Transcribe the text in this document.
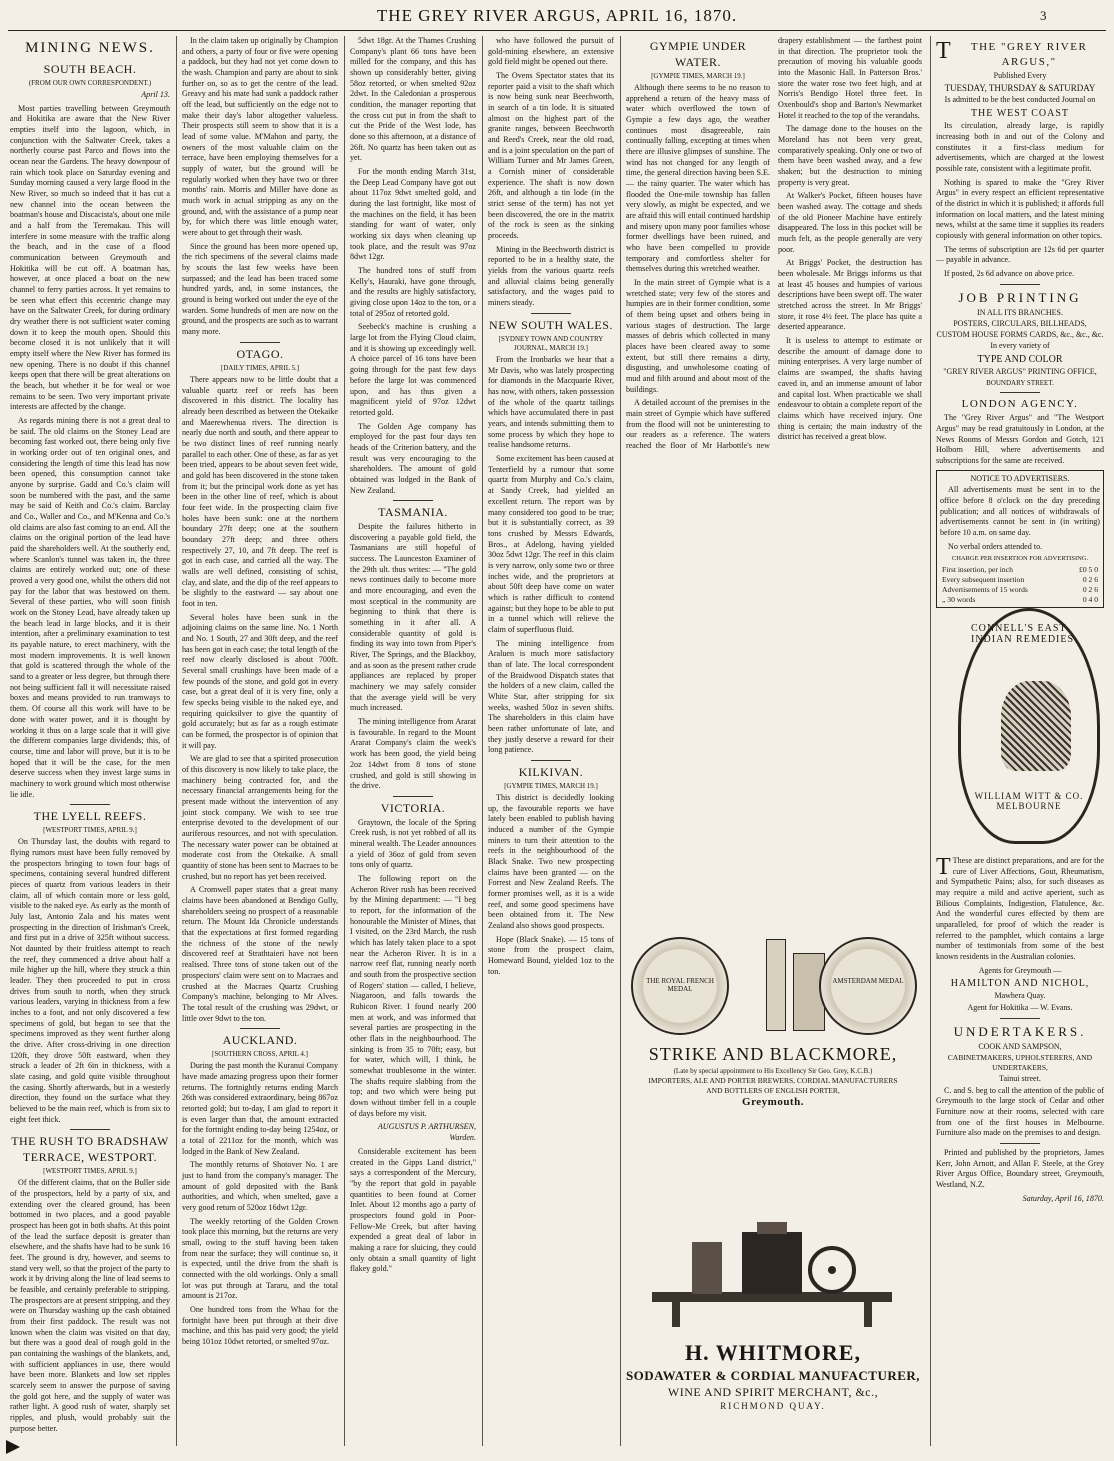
THE GREY RIVER ARGUS, APRIL 16, 1870.	3
MINING NEWS.
SOUTH BEACH.
(FROM OUR OWN CORRESPONDENT.)

April 13.

Most parties travelling between Greymouth and Hokitika are aware that the New River empties itself into the lagoon, which, in conjunction with the Saltwater Creek, takes a northerly course past Parco and flows into the ocean near the Gardens. The heavy downpour of rain which took place on Saturday evening and Sunday morning caused a very large flood in the New River, so much so indeed that it has cut a new channel into the ocean between the boatman's house and Discacista's, about one mile and a half from the Teremakau. This will interfere in some measure with the traffic along the beach, and in the case of a flood communication between Greymouth and Hokitika will be cut off. A boatman has, however, at once placed a boat on the new channel to ferry parties across. It yet remains to be seen what effect this eccentric change may have on the Saltwater Creek, for during ordinary dry weather there is not sufficient water coming down it to keep the mouth open. Should this become closed it is not unlikely that it will empty itself where the New River has formed its new opening. There is no doubt if this channel keeps open that there will be great alterations on the beach, but whether it be for weal or woe remains to be seen. Two very important private interests are affected by the change.

As regards mining there is not a great deal to be said. The old claims on the Stoney Lead are becoming fast worked out, there being only five in working order out of ten original ones, and considering the length of time this lead has now been opened, this consumption cannot take anyone by surprise. Gadd and Co.'s claim will soon be numbered with the past, and the same may be said of Keith and Co.'s claim. Barclay and Co., Waller and Co., and M'Kenna and Co.'s old claims are also fast coming to an end. All the claims on the original portion of the lead have paid the shareholders well. At the southerly end, where Scanlon's tunnel was taken in, the three claims are entirely worked out; one of these proved a very good one, whilst the others did not pay for the labor that was bestowed on them. Several of these parties, who will soon finish work on the Stoney Lead, have already taken up the beach lead in large blocks, and it is their intention, after a preliminary examination to test its payable nature, to erect machinery, with the most modern improvements. It is well known that gold is scattered through the whole of the sand to a greater or less degree, but through there not being sufficient fall it will necessitate raised boxes and means provided to run tramways to them. Of course all this work will have to be done with water power, and it is thought by working it thus on a large scale that it will give the different companies large dividends; this, of course, time and labor will prove, but it is to be hoped that it will be the case, for the men deserve success when they invest large sums in machinery to work ground which most otherwise lie idle.

THE LYELL REEFS.
[WESTPORT TIMES, APRIL 9.]

On Thursday last, the doubts with regard to flying rumors must have been fully removed by the prospectors bringing to town four bags of specimens, containing several hundred different pieces of quartz from various leaders in their claim, all of which contain more or less gold, visible to the naked eye. As early as the month of July last, Antonio Zala and his mates went prospecting in the direction of Irishman's Creek, and first put in a drive of 325ft without success. Not daunted by their fruitless attempt to reach the reef, they commenced a drive about half a mile higher up the hill, where they struck a thin leader. They then proceeded to put in cross drives from south to north, when they struck various leaders, varying in thickness from a few inches to a foot, and not only discovered a few specimens of gold, but began to see that the specimens improved as they went further along the drive. After cross-driving in one direction 120ft, they drove 50ft eastward, when they struck a leader of 2ft 6in in thickness, with a slate casing, and gold quite visible throughout the casing. Shortly afterwards, but in a westerly direction, they found on the surface what they believed to be the main reef, which is from six to eight feet thick.

THE RUSH TO BRADSHAW TERRACE, WESTPORT.
[WESTPORT TIMES, APRIL 9.]

Of the different claims, that on the Buller side of the prospectors, held by a party of six, and extending over the cleared ground, has been bottomed in two places, and a good payable prospect has been got in both shafts. At this point of the lead the surface deposit is greater than elsewhere, and the shafts have had to be sunk 16 feet. The ground is dry, however, and seems to stand very well, so that the project of the party to work it by driving along the line of lead seems to be feasible, and certainly preferable to stripping. The prospectors are at present stripping, and they were on Thursday washing up the cash obtained from their first paddock. The result was not known when the claim was visited on that day, but there was a good deal of rough gold in the pan containing the washings of the blankets, and, with sufficient appliances in use, there would have been more. Blankets and low set ripples scarcely seem to answer the purpose of saving the gold got here, and the supply of water was rather light. A good rush of water, sharply set ripples, and plush, would probably suit the purpose better.

In the claim taken up originally by Champion and others, a party of four or five were opening a paddock, but they had not yet come down to the wash. Champion and party are about to sink further on, so as to get the centre of the lead. Greavy and his mate had sunk a paddock rather off the lead, but sufficiently on the edge not to make their day's labor altogether valueless. Their prospects still seem to show that it is a lead of some value. M'Mahon and party, the owners of the most valuable claim on the terrace, have been employing themselves for a supply of water, but the ground will be regularly worked when they have two or three months' rain. Morris and Miller have done as much work in actual stripping as any on the ground, and, with the assistance of a pump near by, for which there was little enough water, were about to get through their wash.

Since the ground has been more opened up, the rich specimens of the several claims made by scouts the last few weeks have been surpassed; and the lead has been traced some hundred yards, and, in some instances, the ground is being worked out under the eye of the warden. Some hundreds of men are now on the ground, and the prospects are such as to warrant many more.

OTAGO.
[DAILY TIMES, APRIL 5.]

There appears now to be little doubt that a valuable quartz reef or reefs has been discovered in this district. The locality has already been described as between the Otekaike and Maerewhenua rivers. The direction is nearly due north and south, and there appear to be two distinct lines of reef running nearly parallel to each other. One of these, as far as yet been tried, appears to be about seven feet wide, and gold has been discovered in the stone taken from it; but the principal work done as yet has been in the other line of reef, which is about four feet wide. In the prospecting claim five holes have been sunk: one at the northern boundary 27ft deep; one at the southern boundary 27ft deep; and three others respectively 27, 10, and 7ft deep. The reef is got in each case, and carried all the way. The walls are well defined, consisting of schist, clay, and slate, and the dip of the reef appears to be slightly to the eastward — say about one foot in ten.

Several holes have been sunk in the adjoining claims on the same line. No. 1 North and No. 1 South, 27 and 30ft deep, and the reef has been got in each case; the total length of the reef now clearly disclosed is about 700ft. Several small crushings have been made of a few pounds of the stone, and gold got in every case, but a great deal of it is very fine, only a few specks being visible to the naked eye, and requiring quicksilver to give the quantity of gold accurately; but as far as a rough estimate can be formed, the prospector is of opinion that it will pay.

We are glad to see that a spirited prosecution of this discovery is now likely to take place, the machinery being contracted for, and the necessary financial arrangements being for the present made without the intervention of any joint stock company. We wish to see true enterprise devoted to the development of our auriferous resources, and not with speculation. The necessary water power can be obtained at moderate cost from the Otekaike. A small quantity of stone has been sent to Macraes to be crushed, but no report has yet been received.

A Cromwell paper states that a great many claims have been abandoned at Bendigo Gully, shareholders seeing no prospect of a reasonable return. The Mount Ida Chronicle understands that the expectations at first formed regarding the richness of the stone of the newly discovered reef at Strathtaieri have not been realised. Three tons of stone taken out of the prospectors' claim were sent on to Macraes and crushed at the Macraes Quartz Crushing Company's machine, belonging to Mr Alves. The total result of the crushing was 29dwt, or little over 9dwt to the ton.

AUCKLAND.
[SOUTHERN CROSS, APRIL 4.]

During the past month the Kuranui Company have made amazing progress upon their former returns. The fortnightly returns ending March 26th was considered extraordinary, being 867oz retorted gold; but to-day, I am glad to report it is even larger than that, the amount extracted for the fortnight ending to-day being 1254oz, or a total of 2211oz for the month, which was lodged in the Bank of New Zealand.

The monthly returns of Shotover No. 1 are just to hand from the company's manager. The amount of gold deposited with the Bank authorities, and which, when smelted, gave a very good return of 520oz 16dwt 12gr.

The weekly retorting of the Golden Crown took place this morning, but the returns are very small, owing to the stuff having been taken from near the surface; they will continue so, it is expected, until the drive from the shaft is connected with the old workings. Only a small lot was put through at Tararu, and the total amount is 217oz.

One hundred tons from the Whau for the fortnight have been put through at their dive machine, and this has paid very good; the yield being 101oz 10dwt retorted, or smelted 97oz.

5dwt 18gr. At the Thames Crushing Company's plant 66 tons have been milled for the company, and this has shown up considerably better, giving 58oz retorted, or when smelted 92oz 2dwt. In the Caledonian a prosperous condition, the manager reporting that the cross cut put in from the shaft to cut the Pride of the West lode, has done so this afternoon, at a distance of 26ft. No quartz has been taken out as yet.

For the month ending March 31st, the Deep Lead Company have got out about 117oz 9dwt smelted gold, and during the last fortnight, like most of the machines on the field, it has been standing for want of water, only working six days when cleaning up took place, and the result was 97oz 8dwt 12gr.

The hundred tons of stuff from Kelly's, Hauraki, have gone through, and the results are highly satisfactory, giving close upon 14oz to the ton, or a total of 295oz of retorted gold.

Seebeck's machine is crushing a large lot from the Flying Cloud claim, and it is showing up exceedingly well. A choice parcel of 16 tons have been going through for the past few days before the large lot was commenced upon, and has thus given a magnificent yield of 97oz 12dwt retorted gold.

The Golden Age company has employed for the past four days ten heads of the Criterion battery, and the result was very encouraging to the shareholders. The amount of gold obtained was lodged in the Bank of New Zealand.

TASMANIA.

Despite the failures hitherto in discovering a payable gold field, the Tasmanians are still hopeful of success. The Launceston Examiner of the 29th ult. thus writes: — "The gold news continues daily to become more and more encouraging, and even the most sceptical in the community are beginning to think that there is something in it after all. A considerable quantity of gold is finding its way into town from Piper's River, The Springs, and the Blackboy, and as soon as the present rather crude appliances are replaced by proper machinery we may safely consider that the average yield will be very much increased.

The mining intelligence from Ararat is favourable. In regard to the Mount Ararat Company's claim the week's work has been good, the yield being 2oz 14dwt from 8 tons of stone crushed, and gold is still showing in the drive.

VICTORIA.

Graytown, the locale of the Spring Creek rush, is not yet robbed of all its mineral wealth. The Leader announces a yield of 36oz of gold from seven tons only of quartz.

The following report on the Acheron River rush has been received by the Mining department: — "I beg to report, for the information of the honourable the Minister of Mines, that I visited, on the 23rd March, the rush which has lately taken place to a spot near the Acheron River. It is in a narrow reef flat, running nearly north and south from the prospective section of Rogers' station — called, I believe, Niagaroon, and falls towards the Rubicon River. I found nearly 200 men at work, and was informed that several parties are prospecting in the other flats in the neighbourhood. The sinking is from 35 to 70ft; easy, but for water, which will, I think, be somewhat troublesome in the winter. The shafts require slabbing from the top; and two which were being put down without timber fell in a couple of days before my visit.

AUGUSTUS P. ARTHURSEN, Warden.

Considerable excitement has been created in the Gipps Land district," says a correspondent of the Mercury, "by the report that gold in payable quantities to been found at Corner Inlet. About 12 months ago a party of prospectors found gold in Poor-Fellow-Me Creek, but after having expended a great deal of labor in making a race for sluicing, they could only obtain a small quantity of light flakey gold."

who have followed the pursuit of gold-mining elsewhere, an extensive gold field might be opened out there.

The Ovens Spectator states that its reporter paid a visit to the shaft which is now being sunk near Beechworth, in search of a tin lode. It is situated almost on the highest part of the granite ranges, between Beechworth and Reed's Creek, near the old road, and is a joint speculation on the part of William Turner and Mr James Green, a Cornish miner of considerable experience. The shaft is now down 26ft, and although a tin lode (in the strict sense of the term) has not yet been discovered, the ore in the matrix of the rock is seen as the sinking proceeds.

Mining in the Beechworth district is reported to be in a healthy state, the yields from the various quartz reefs and alluvial claims being generally satisfactory, and the wages paid to miners steady.

NEW SOUTH WALES.
[SYDNEY TOWN AND COUNTRY JOURNAL, MARCH 19.]

From the Ironbarks we hear that a Mr Davis, who was lately prospecting for diamonds in the Macquarie River, has now, with others, taken possession of the whole of the quartz tailings which have accumulated there in past years, and intends submitting them to some process by which they hope to realise handsome returns.

Some excitement has been caused at Tenterfield by a rumour that some quartz from Murphy and Co.'s claim, at Sandy Creek, had yielded an excellent return. The report was by many considered too good to be true; but it is substantially correct, as 39 tons crushed by Messrs Edwards, Bros., at Adelong, having yielded 30oz 5dwt 12gr. The reef in this claim is very narrow, only some two or three inches wide, and the proprietors at about 50ft deep have come on water which is rather difficult to contend against; but they hope to be able to put in a tunnel which will relieve the claim of superfluous fluid.

The mining intelligence from Araluen is much more satisfactory than of late. The local correspondent of the Braidwood Dispatch states that the holders of a new claim, called the White Star, after stripping for six weeks, washed 50oz in seven shifts. The shareholders in this claim have been rather unfortunate of late, and they justly deserve a reward for their long patience.

KILKIVAN.
[GYMPIE TIMES, MARCH 19.]

This district is decidedly looking up, the favourable reports we have lately been enabled to publish having induced a number of the Gympie miners to turn their attention to the reefs in the neighbourhood of the Black Snake. Two new prospecting claims have been granted — on the Forrest and New Zealand Reefs. The former promises well, as it is a wide reef, and some good specimens have been obtained from it. The New Zealand also shows good prospects.

Hope (Black Snake). — 15 tons of stone from the prospect claim, Homeward Bound, yielded 1oz to the ton.

GYMPIE UNDER WATER.
[GYMPIE TIMES, MARCH 19.]

Although there seems to be no reason to apprehend a return of the heavy mass of water which overflowed the town of Gympie a few days ago, the weather continues most disagreeable, rain continually falling, excepting at times when there are illusive glimpses of sunshine. The wind has not changed for any length of time, the general direction having been S.E. — the rainy quarter. The water which has flooded the One-mile township has fallen very slowly, as might be expected, and we are afraid this will entail continued hardship and misery upon many poor families whose former dwellings have been ruined, and who have been compelled to provide temporary and comfortless shelter for themselves during this wretched weather.

In the main street of Gympie what is a wretched state; very few of the stores and humpies are in their former condition, some of them being upset and others being in various stages of destruction. The large masses of debris which collected in many places have been cleared away to some extent, but still there remains a dirty, disgusting, and unwholesome coating of mud and filth around and about most of the buildings.

A detailed account of the premises in the main street of Gympie which have suffered from the flood will not be uninteresting to our readers as a reference. The waters reached the floor of Mr Harbottle's new drapery establishment — the farthest point in that direction. The proprietor took the precaution of moving his valuable goods into the Masonic Hall. In Patterson Bros.' store the water rose two feet high, and at Norris's Bendigo Hotel three feet. In Oxenbould's shop and Barton's Newmarket Hotel it reached to the top of the verandahs.

The damage done to the houses on the Moreland has not been very great, comparatively speaking. Only one or two of them have been washed away, and a few shaken; but the destruction to mining property is very great.

At Walker's Pocket, fifteen houses have been washed away. The cottage and sheds of the old Pioneer Machine have entirely disappeared. The loss in this pocket will be much felt, as the people generally are very poor.

At Briggs' Pocket, the destruction has been wholesale. Mr Briggs informs us that at least 45 houses and humpies of various descriptions have been swept off. The water stretched across the street. In Mr Briggs' store, it rose 4½ feet. The place has quite a deserted appearance.

It is useless to attempt to estimate or describe the amount of damage done to mining enterprises. A very large number of claims are swamped, the shafts having caved in, and an immense amount of labor and capital lost. When practicable we shall endeavour to obtain a complete report of the claims which have received injury. One thing is certain; the main industry of the district has received a great blow.

THE ROYAL FRENCH MEDAL
AMSTERDAM MEDAL
STRIKE AND BLACKMORE,
(Late by special appointment to His Excellency Sir Geo. Grey, K.C.B.)
IMPORTERS, ALE AND PORTER BREWERS, CORDIAL MANUFACTURERS
AND BOTTLERS OF ENGLISH PORTER,
Greymouth.
H. WHITMORE,
SODAWATER & CORDIAL MANUFACTURER,
WINE AND SPIRIT MERCHANT, &c.,
RICHMOND QUAY.
T THE "GREY RIVER ARGUS,"
Published Every
TUESDAY, THURSDAY & SATURDAY
Is admitted to be the best conducted Journal on
THE WEST COAST

Its circulation, already large, is rapidly increasing both in and out of the Colony and constitutes it a first-class medium for advertisements, which are charged at the lowest possible rate, consistent with a legitimate profit.

Nothing is spared to make the "Grey River Argus" in every respect an efficient representative of the district in which it is published; it affords full information on local matters, and the latest mining news, whilst at the same time it supplies its readers copiously with general information on other topics.

The terms of subscription are 12s 6d per quarter — payable in advance.

If posted, 2s 6d advance on above price.

JOB PRINTING
IN ALL ITS BRANCHES.
POSTERS, CIRCULARS, BILLHEADS, CUSTOM HOUSE FORMS CARDS, &c., &c., &c.
In every variety of
TYPE AND COLOR
"GREY RIVER ARGUS" PRINTING OFFICE,
BOUNDARY STREET.
LONDON AGENCY.

The "Grey River Argus" and "The Westport Argus" may be read gratuitously in London, at the News Rooms of Messrs Gordon and Gotch, 121 Holborn Hill, where advertisements and subscriptions for the same are received.

NOTICE TO ADVERTISERS.

All advertisements must be sent in to the office before 8 o'clock on the day preceding publication; and all notices of withdrawals of advertisements cannot be sent in (in writing) before 10 a.m. on same day.

No verbal orders attended to.

CHARGE PER INSERTION FOR ADVERTISING.
First insertion, per inch	£0 5 0
Every subsequent insertion	0 2 6
Advertisements of 15 words	0 2 6
„ 30 words	0 4 0
CONNELL'S EAST INDIAN REMEDIES
WILLIAM WITT & CO. MELBOURNE

T These are distinct preparations, and are for the cure of Liver Affections, Gout, Rheumatism, and Sympathetic Pains; also, for such diseases as may require a mild and active aperient, such as Bilious Complaints, Indigestion, Flatulence, &c. And the wonderful cures effected by them are unparalleled, for proof of which the reader is referred to the pamphlet, which contains a large number of testimonials from some of the best known residents in the Australian colonies.

Agents for Greymouth —
HAMILTON AND NICHOL,
Mawhera Quay.
Agent for Hokitika — W. Evans.
UNDERTAKERS.
COOK AND SAMPSON,
CABINETMAKERS, UPHOLSTERERS, AND UNDERTAKERS,
Tainui street.

C. and S. beg to call the attention of the public of Greymouth to the large stock of Cedar and other Furniture now at their rooms, selected with care from one of the first houses in Melbourne. Furniture also made on the premises to and design.

Printed and published by the proprietors, James Kerr, John Arnott, and Allan F. Steele, at the Grey River Argus Office, Boundary street, Greymouth, Westland, N.Z.

Saturday, April 16, 1870.
